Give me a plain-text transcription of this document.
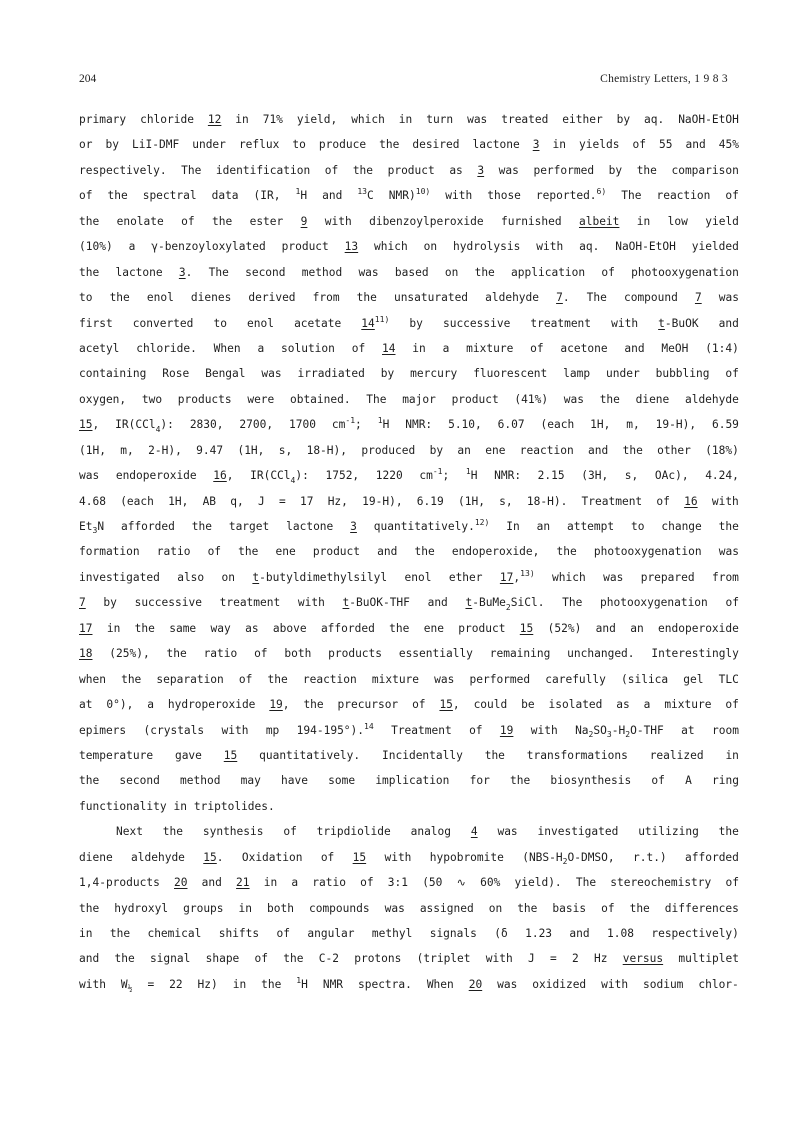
204	Chemistry Letters, 1 9 8 3
primary chloride 12 in 71% yield, which in turn was treated either by aq. NaOH-EtOH
or by LiI-DMF under reflux to produce the desired lactone 3 in yields of 55 and 45%
respectively. The identification of the product as 3 was performed by the comparison
of the spectral data (IR, $^1$H and $^{13}$C NMR)$^{10)}$ with those reported.$^{6)}$ The reaction of
the enolate of the ester 9 with dibenzoylperoxide furnished albeit in low yield
(10%) a γ-benzoyloxylated product 13 which on hydrolysis with aq. NaOH-EtOH yielded
the lactone 3. The second method was based on the application of photooxygenation
to the enol dienes derived from the unsaturated aldehyde 7. The compound 7 was
first converted to enol acetate 14$^{11)}$ by successive treatment with t-BuOK and
acetyl chloride. When a solution of 14 in a mixture of acetone and MeOH (1:4)
containing Rose Bengal was irradiated by mercury fluorescent lamp under bubbling of
oxygen, two products were obtained. The major product (41%) was the diene aldehyde
15, IR(CCl$_4$): 2830, 2700, 1700 $cm^{-1}$; $^1$H NMR: 5.10, 6.07 (each 1H, m, 19-H), 6.59
(1H, m, 2-H), 9.47 (1H, s, 18-H), produced by an ene reaction and the other (18%)
was endoperoxide 16, IR(CCl$_4$): 1752, 1220 $cm^{-1}$; $^1$H NMR: 2.15 (3H, s, OAc), 4.24,
4.68 (each 1H, AB q, J = 17 Hz, 19-H), 6.19 (1H, s, 18-H). Treatment of 16 with
$Et_3N$ afforded the target lactone 3 quantitatively.$^{12)}$ In an attempt to change the
formation ratio of the ene product and the endoperoxide, the photooxygenation was
investigated also on t-butyldimethylsilyl enol ether 17,$^{13)}$ which was prepared from
7 by successive treatment with t-BuOK-THF and t-BuMe$_2$SiCl. The photooxygenation of
17 in the same way as above afforded the ene product 15 (52%) and an endoperoxide
18 (25%), the ratio of both products essentially remaining unchanged. Interestingly
when the separation of the reaction mixture was performed carefully (silica gel TLC
at 0°), a hydroperoxide 19, the precursor of 15, could be isolated as a mixture of
epimers (crystals with mp 194-195°).$^{14}$ Treatment of 19 with $Na_2SO_3-H_2O$-THF at room
temperature gave 15 quantitatively. Incidentally the transformations realized in
the second method may have some implication for the biosynthesis of A ring
functionality in triptolides.
Next the synthesis of tripdiolide analog 4 was investigated utilizing the
diene aldehyde 15. Oxidation of 15 with hypobromite ($NBS-H_2O$-DMSO, r.t.) afforded
1,4-products 20 and 21 in a ratio of 3:1 (50 ∿ 60% yield). The stereochemistry of
the hydroxyl groups in both compounds was assigned on the basis of the differences
in the chemical shifts of angular methyl signals (δ 1.23 and 1.08 respectively)
and the signal shape of the C-2 protons (triplet with J = 2 Hz versus multiplet
with $W_{\frac{1}{2}} = 22$ Hz) in the $^1$H NMR spectra. When 20 was oxidized with sodium chlor-
